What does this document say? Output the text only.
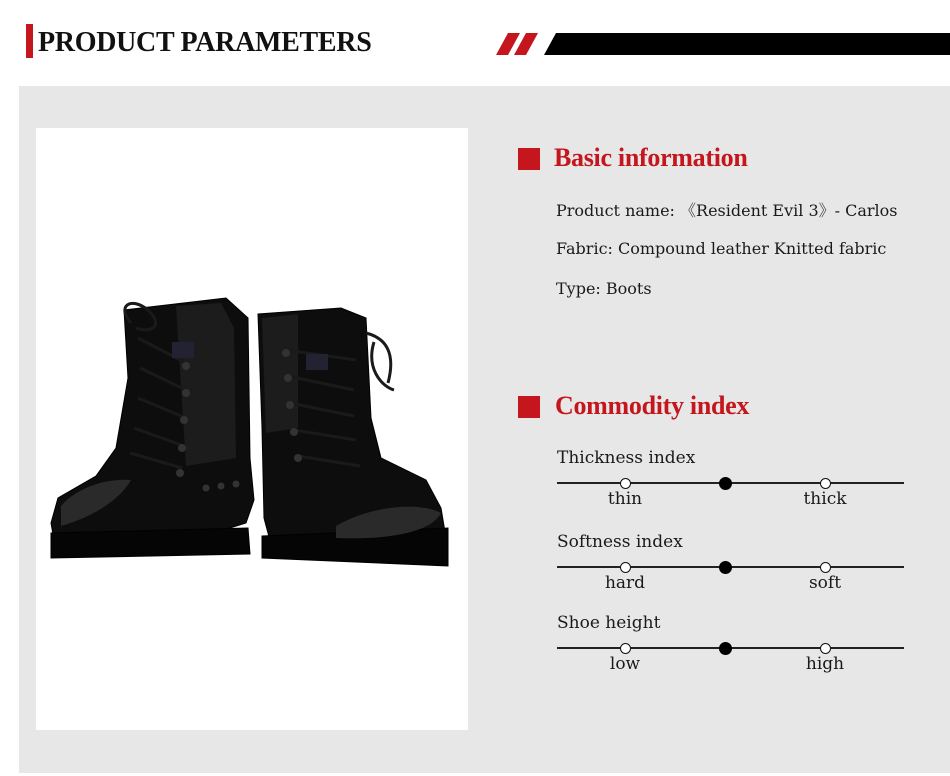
PRODUCT PARAMETERS
Basic information
Product name: 《Resident Evil 3》- Carlos
Fabric: Compound leather Knitted fabric
Type: Boots
Commodity index
Thickness index
thin	thick
Softness index
hard	soft
Shoe height
low	high
